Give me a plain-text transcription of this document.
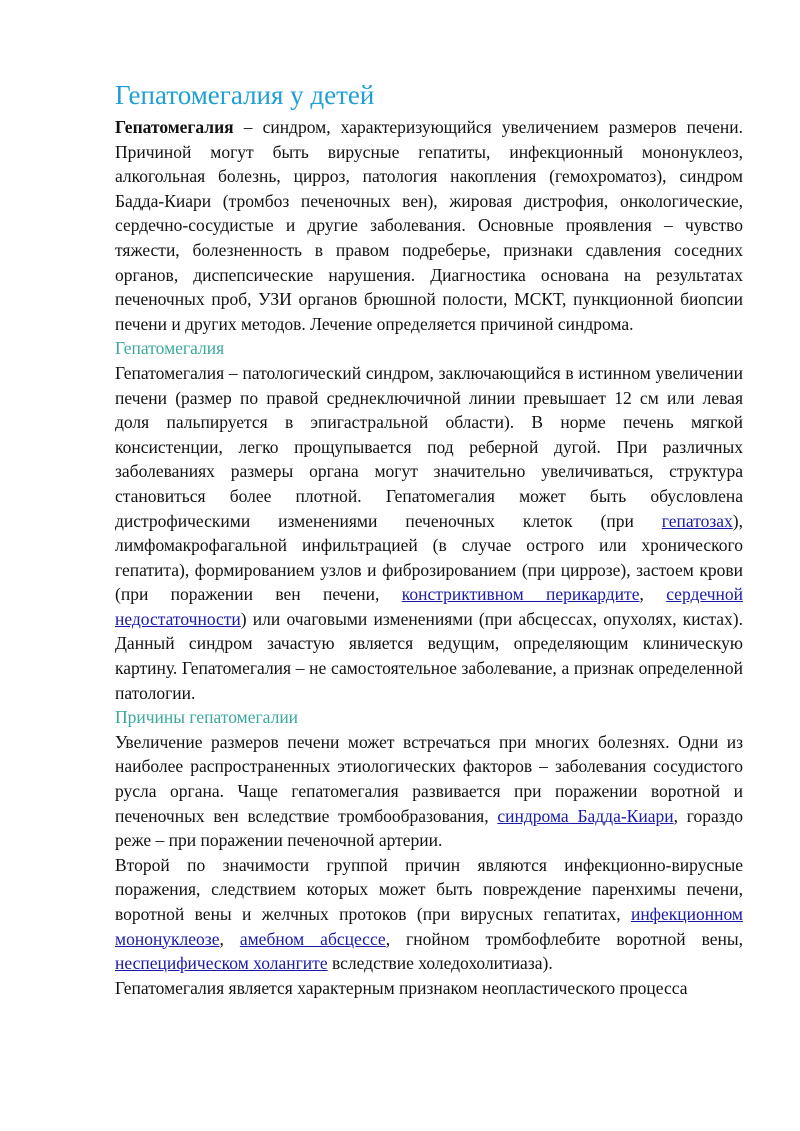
Гепатомегалия у детей

Гепатомегалия – синдром, характеризующийся увеличением размеров печени. Причиной могут быть вирусные гепатиты, инфекционный мононуклеоз, алкогольная болезнь, цирроз, патология накопления (гемохроматоз), синдром Бадда-Киари (тромбоз печеночных вен), жировая дистрофия, онкологические, сердечно-сосудистые и другие заболевания. Основные проявления – чувство тяжести, болезненность в правом подреберье, признаки сдавления соседних органов, диспепсические нарушения. Диагностика основана на результатах печеночных проб, УЗИ органов брюшной полости, МСКТ, пункционной биопсии печени и других методов. Лечение определяется причиной синдрома.

Гепатомегалия

Гепатомегалия – патологический синдром, заключающийся в истинном увеличении печени (размер по правой среднеключичной линии превышает 12 см или левая доля пальпируется в эпигастральной области). В норме печень мягкой консистенции, легко прощупывается под реберной дугой. При различных заболеваниях размеры органа могут значительно увеличиваться, структура становиться более плотной. Гепатомегалия может быть обусловлена дистрофическими изменениями печеночных клеток (при гепатозах), лимфомакрофагальной инфильтрацией (в случае острого или хронического гепатита), формированием узлов и фиброзированием (при циррозе), застоем крови (при поражении вен печени, констриктивном перикардите, сердечной недостаточности) или очаговыми изменениями (при абсцессах, опухолях, кистах). Данный синдром зачастую является ведущим, определяющим клиническую картину. Гепатомегалия – не самостоятельное заболевание, а признак определенной патологии.

Причины гепатомегалии

Увеличение размеров печени может встречаться при многих болезнях. Одни из наиболее распространенных этиологических факторов – заболевания сосудистого русла органа. Чаще гепатомегалия развивается при поражении воротной и печеночных вен вследствие тромбообразования, синдрома Бадда-Киари, гораздо реже – при поражении печеночной артерии.

Второй по значимости группой причин являются инфекционно-вирусные поражения, следствием которых может быть повреждение паренхимы печени, воротной вены и желчных протоков (при вирусных гепатитах, инфекционном мононуклеозе, амебном абсцессе, гнойном тромбофлебите воротной вены, неспецифическом холангите вследствие холедохолитиаза).

Гепатомегалия является характерным признаком неопластического процесса
